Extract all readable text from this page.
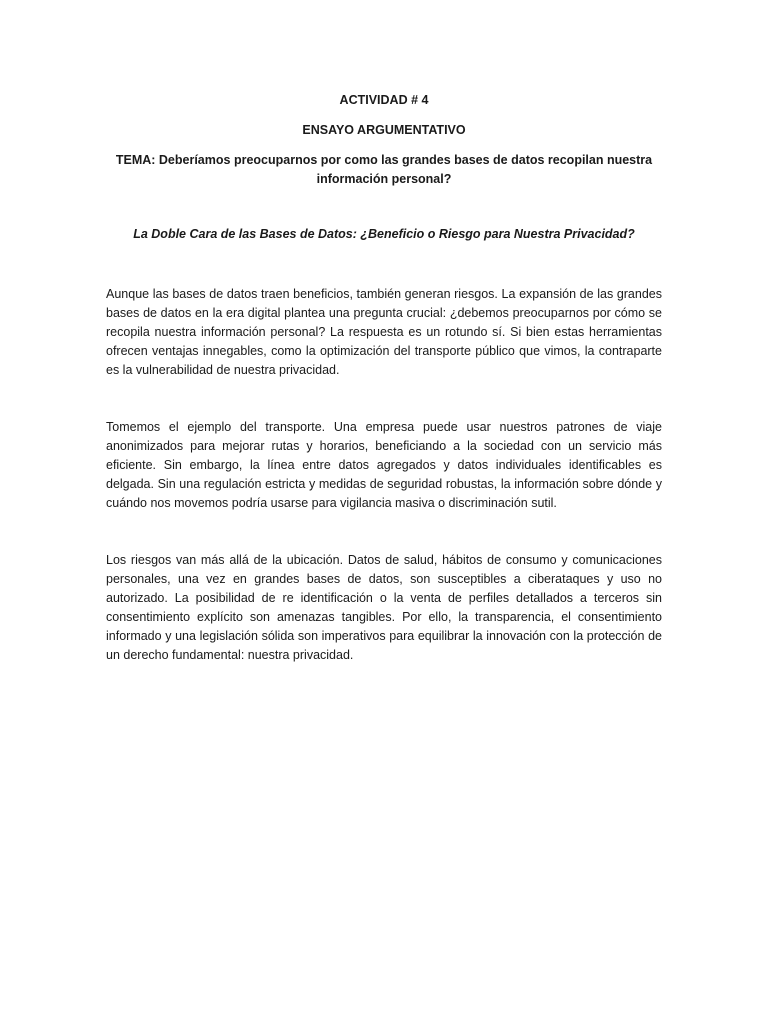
ACTIVIDAD # 4
ENSAYO ARGUMENTATIVO
TEMA: Deberíamos preocuparnos por como las grandes bases de datos recopilan nuestra
información personal?
La Doble Cara de las Bases de Datos: ¿Beneficio o Riesgo para Nuestra Privacidad?

Aunque las bases de datos traen beneficios, también generan riesgos. La expansión de las grandes bases de datos en la era digital plantea una pregunta crucial: ¿debemos preocuparnos por cómo se recopila nuestra información personal? La respuesta es un rotundo sí. Si bien estas herramientas ofrecen ventajas innegables, como la optimización del transporte público que vimos, la contraparte es la vulnerabilidad de nuestra privacidad.

Tomemos el ejemplo del transporte. Una empresa puede usar nuestros patrones de viaje anonimizados para mejorar rutas y horarios, beneficiando a la sociedad con un servicio más eficiente. Sin embargo, la línea entre datos agregados y datos individuales identificables es delgada. Sin una regulación estricta y medidas de seguridad robustas, la información sobre dónde y cuándo nos movemos podría usarse para vigilancia masiva o discriminación sutil.

Los riesgos van más allá de la ubicación. Datos de salud, hábitos de consumo y comunicaciones personales, una vez en grandes bases de datos, son susceptibles a ciberataques y uso no autorizado. La posibilidad de re identificación o la venta de perfiles detallados a terceros sin consentimiento explícito son amenazas tangibles. Por ello, la transparencia, el consentimiento informado y una legislación sólida son imperativos para equilibrar la innovación con la protección de un derecho fundamental: nuestra privacidad.
